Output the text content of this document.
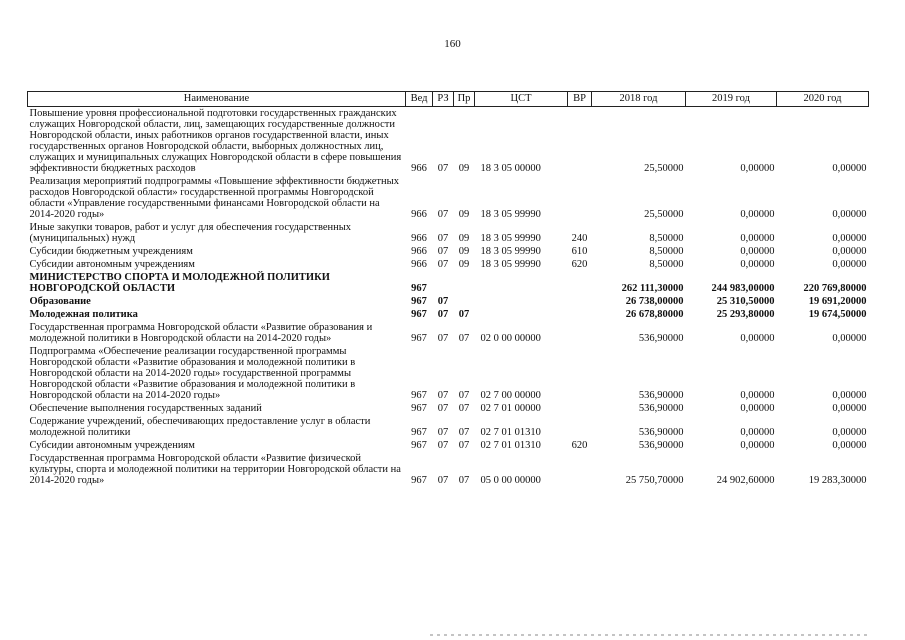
160
Наименование	Вед	РЗ	Пр	ЦСТ	ВР	2018 год	2019 год	2020 год
Повышение уровня профессиональной подготовки государственных гражданских служащих Новгородской области, лиц, замещающих государственные должности Новгородской области, иных работников органов государственной власти, иных государственных органов Новгородской области, выборных должностных лиц, служащих и муниципальных служащих Новгородской области в сфере повышения эффективности бюджетных расходов	966	07	09	18 3 05 00000		25,50000	0,00000	0,00000
Реализация мероприятий подпрограммы «Повышение эффективности бюджетных расходов Новгородской области» государственной программы Новгородской области «Управление государственными финансами Новгородской области на 2014-2020 годы»	966	07	09	18 3 05 99990		25,50000	0,00000	0,00000
Иные закупки товаров, работ и услуг для обеспечения государственных (муниципальных) нужд	966	07	09	18 3 05 99990	240	8,50000	0,00000	0,00000
Субсидии бюджетным учреждениям	966	07	09	18 3 05 99990	610	8,50000	0,00000	0,00000
Субсидии автономным учреждениям	966	07	09	18 3 05 99990	620	8,50000	0,00000	0,00000
МИНИСТЕРСТВО СПОРТА И МОЛОДЕЖНОЙ ПОЛИТИКИ НОВГОРОДСКОЙ ОБЛАСТИ	967					262 111,30000	244 983,00000	220 769,80000
Образование	967	07				26 738,00000	25 310,50000	19 691,20000
Молодежная политика	967	07	07			26 678,80000	25 293,80000	19 674,50000
Государственная программа Новгородской области «Развитие образования и молодежной политики в Новгородской области на 2014-2020 годы»	967	07	07	02 0 00 00000		536,90000	0,00000	0,00000
Подпрограмма «Обеспечение реализации государственной программы Новгородской области «Развитие образования и молодежной политики в Новгородской области на 2014-2020 годы» государственной программы Новгородской области «Развитие образования и молодежной политики в Новгородской области на 2014-2020 годы»	967	07	07	02 7 00 00000		536,90000	0,00000	0,00000
Обеспечение выполнения государственных заданий	967	07	07	02 7 01 00000		536,90000	0,00000	0,00000
Содержание учреждений, обеспечивающих предоставление услуг в области молодежной политики	967	07	07	02 7 01 01310		536,90000	0,00000	0,00000
Субсидии автономным учреждениям	967	07	07	02 7 01 01310	620	536,90000	0,00000	0,00000
Государственная программа Новгородской области «Развитие физической культуры, спорта и молодежной политики на территории Новгородской области на 2014-2020 годы»	967	07	07	05 0 00 00000		25 750,70000	24 902,60000	19 283,30000
